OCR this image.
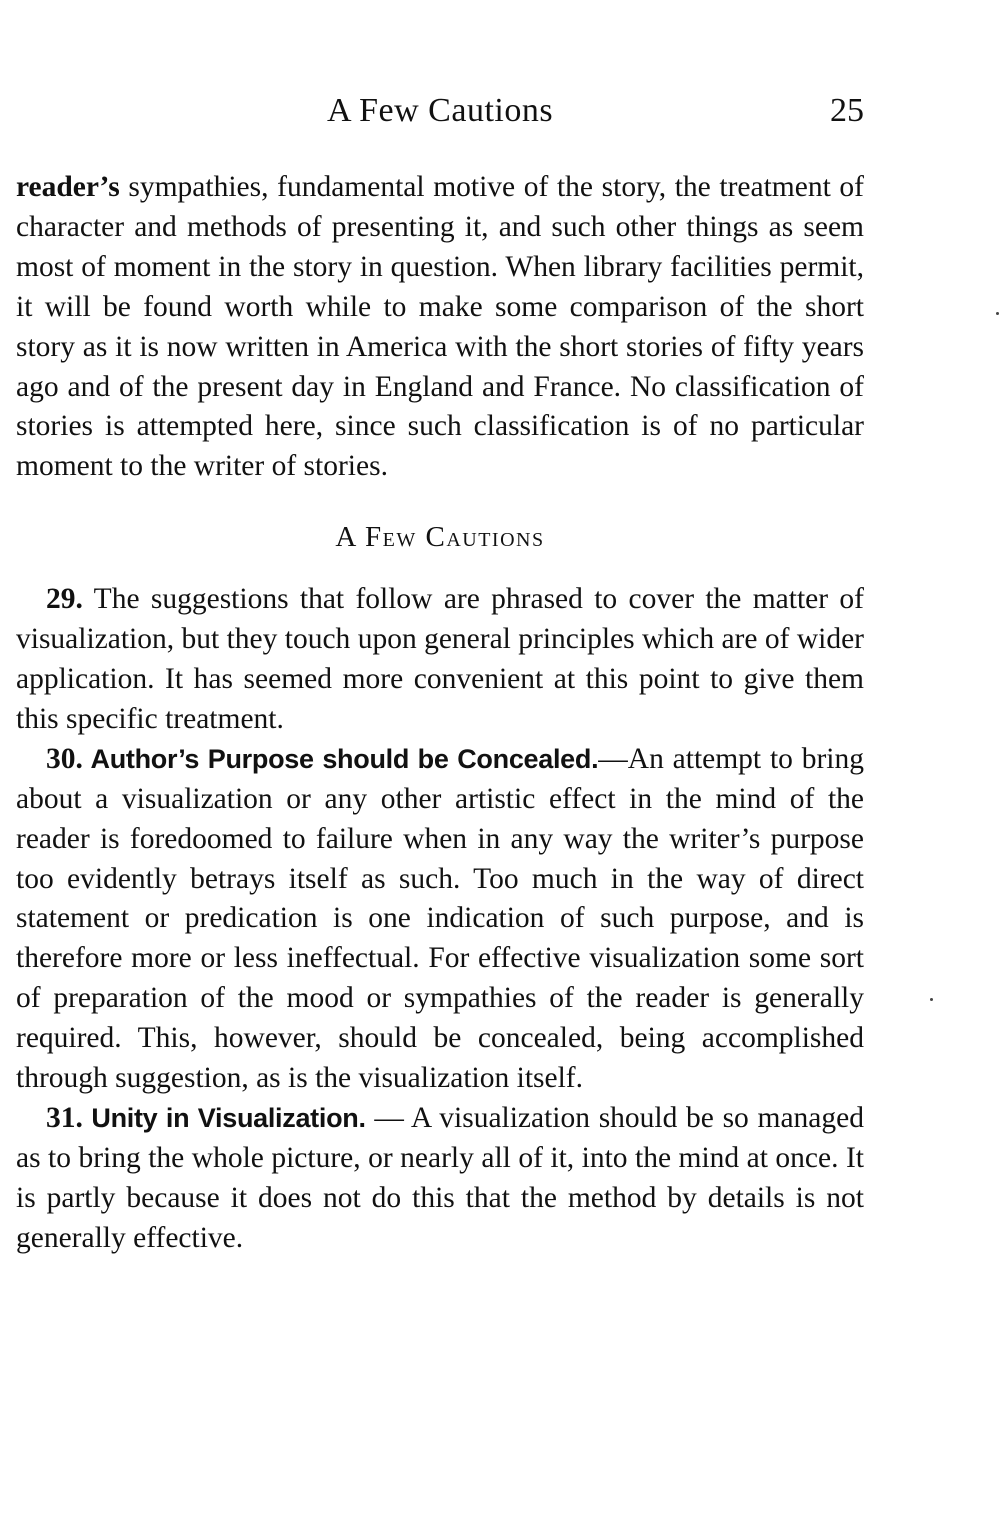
A Few Cautions	25

reader’s sympathies, fundamental motive of the story, the treatment of character and methods of presenting it, and such other things as seem most of moment in the story in question. When library facilities permit, it will be found worth while to make some comparison of the short story as it is now written in America with the short stories of fifty years ago and of the present day in England and France. No classification of stories is attempted here, since such classification is of no particular moment to the writer of stories.

A Few Cautions

29. The suggestions that follow are phrased to cover the matter of visualization, but they touch upon general principles which are of wider application. It has seemed more convenient at this point to give them this specific treatment.

30. Author’s Purpose should be Concealed.—An attempt to bring about a visualization or any other artistic effect in the mind of the reader is foredoomed to failure when in any way the writer’s purpose too evidently betrays itself as such. Too much in the way of direct statement or predication is one indication of such purpose, and is therefore more or less ineffectual. For effective visualization some sort of preparation of the mood or sympathies of the reader is generally required. This, however, should be concealed, being accomplished through suggestion, as is the visualization itself.

31. Unity in Visualization. — A visualization should be so managed as to bring the whole picture, or nearly all of it, into the mind at once. It is partly because it does not do this that the method by details is not generally effective.
